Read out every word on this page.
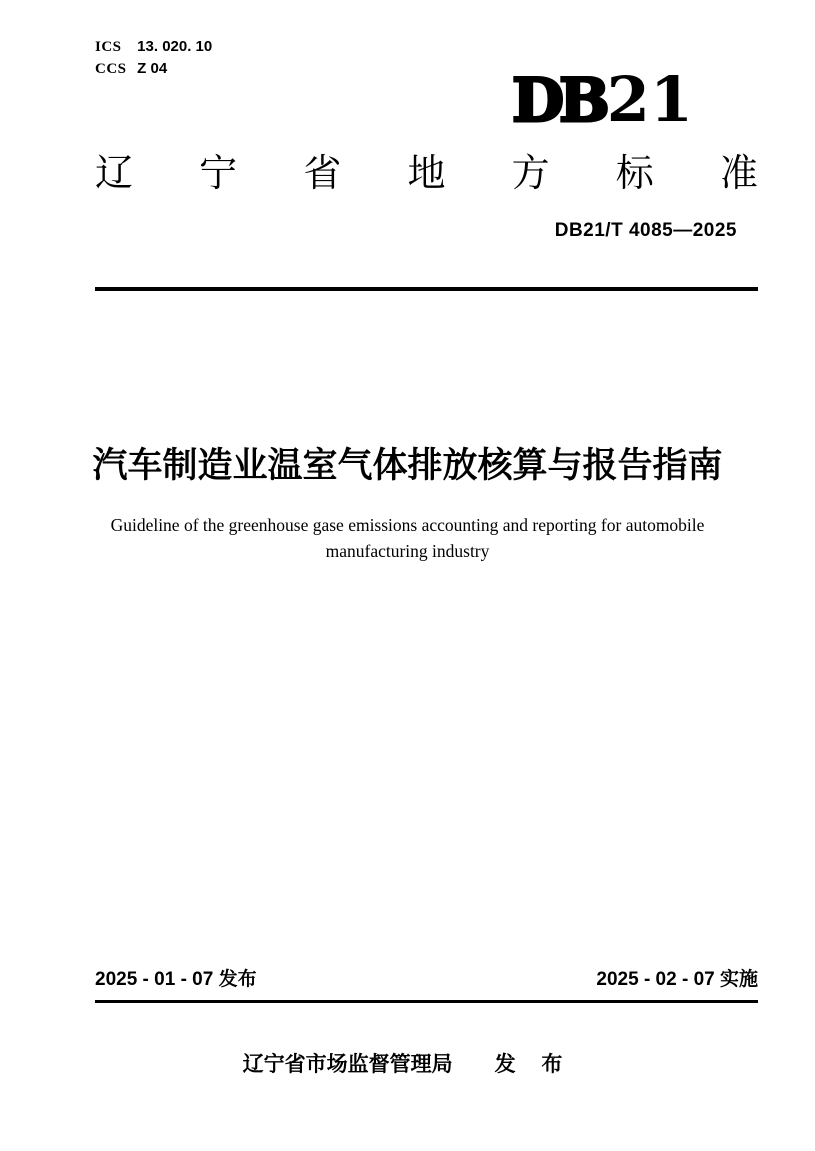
ICS 13. 020. 10
CCS Z 04	DB21
辽 宁 省 地 方 标 准
DB21/T 4085—2025
汽车制造业温室气体排放核算与报告指南
Guideline of the greenhouse gase emissions accounting and reporting for automobile
manufacturing industry
2025 - 01 - 07 发布	2025 - 02 - 07 实施
辽宁省市场监督管理局 发 布
